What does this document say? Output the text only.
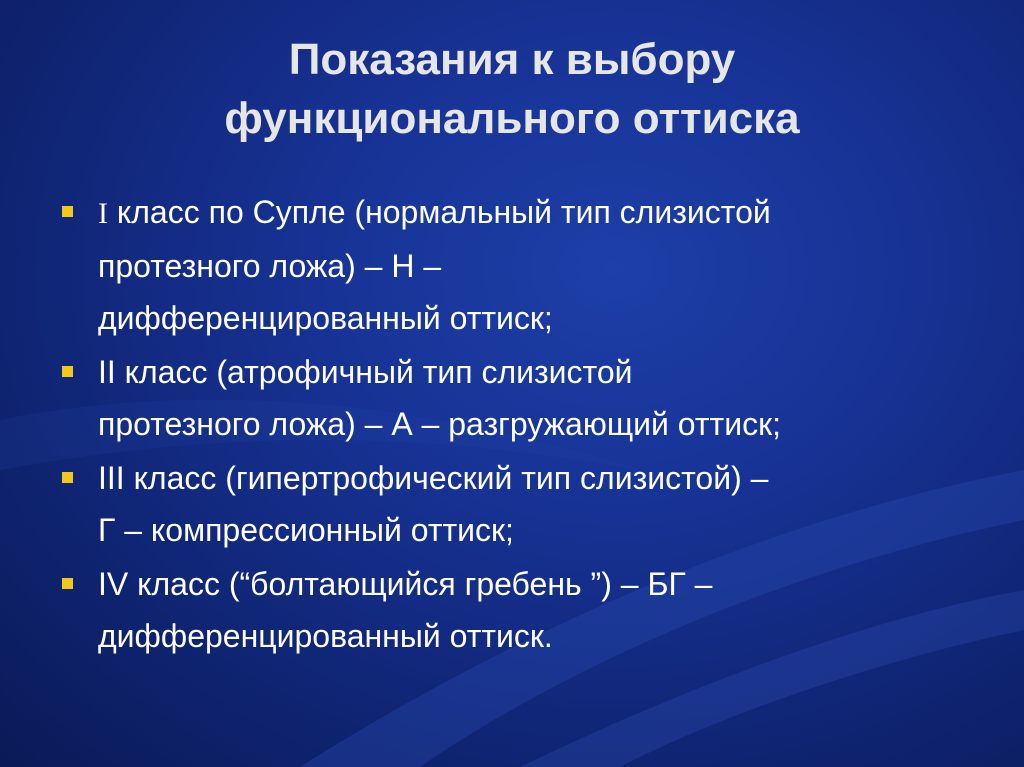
Показания к выбору
функционального оттиска
I класс по Супле (нормальный тип слизистой
протезного ложа) – Н –
дифференцированный оттиск;
II класс (атрофичный тип слизистой
протезного ложа) – А – разгружающий оттиск;
III класс (гипертрофический тип слизистой) –
Г – компрессионный оттиск;
IV класс (“болтающийся гребень ”) – БГ –
дифференцированный оттиск.
